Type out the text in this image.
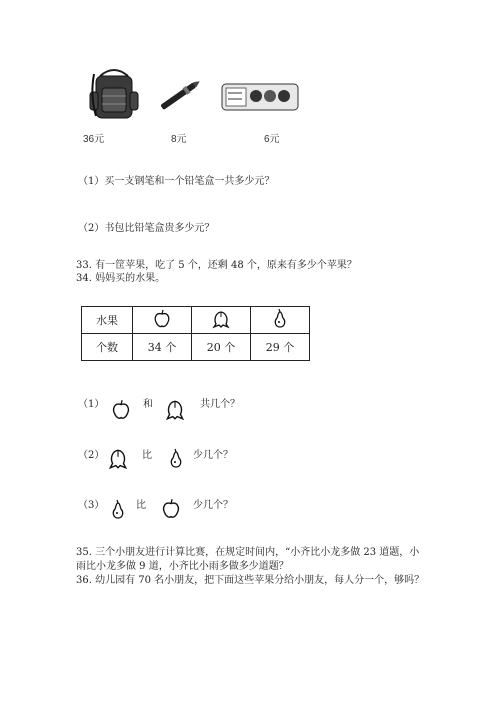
36元	8元	6元
（1）买一支钢笔和一个铅笔盒一共多少元？
（2）书包比铅笔盒贵多少元？
33. 有一筐苹果，吃了 5 个，还剩 48 个，原来有多少个苹果？
34. 妈妈买的水果。
水果			
个数	34 个	20 个	29 个
（1）	和	共几个？
（2）	比	少几个？
（3）	比	少几个？
35. 三个小朋友进行计算比赛，在规定时间内，“小齐比小龙多做 23 道题，小
雨比小龙多做 9 道，小齐比小雨多做多少道题？
36. 幼儿园有 70 名小朋友，把下面这些苹果分给小朋友，每人分一个，够吗？
